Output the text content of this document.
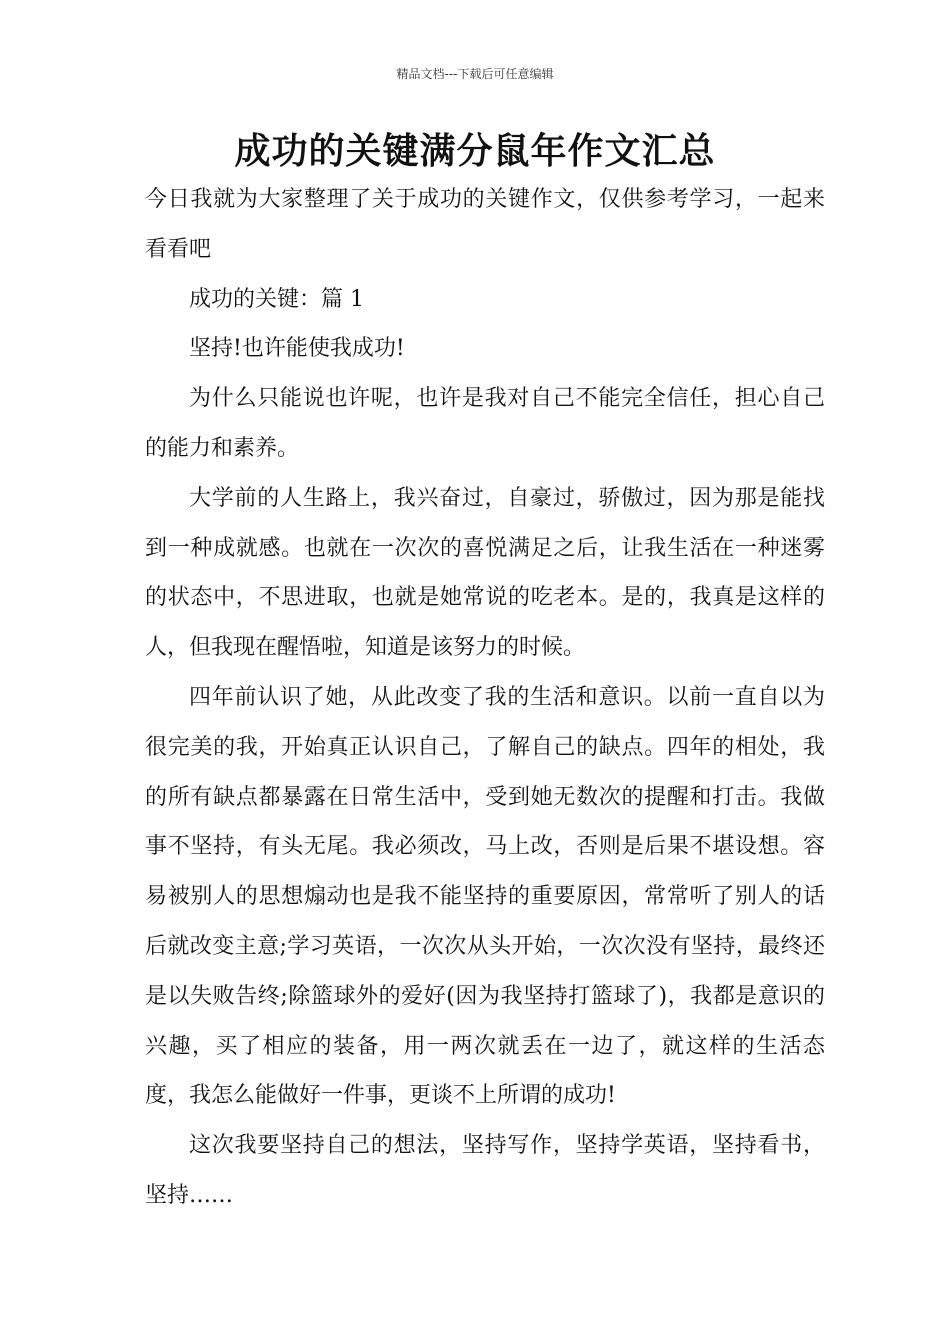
精品文档---下载后可任意编辑
成功的关键满分鼠年作文汇总

今日我就为大家整理了关于成功的关键作文，仅供参考学习，一起来看看吧

成功的关键：篇 1

坚持!也许能使我成功!

为什么只能说也许呢，也许是我对自己不能完全信任，担心自己的能力和素养。

大学前的人生路上，我兴奋过，自豪过，骄傲过，因为那是能找到一种成就感。也就在一次次的喜悦满足之后，让我生活在一种迷雾的状态中，不思进取，也就是她常说的吃老本。是的，我真是这样的人，但我现在醒悟啦，知道是该努力的时候。

四年前认识了她，从此改变了我的生活和意识。以前一直自以为很完美的我，开始真正认识自己，了解自己的缺点。四年的相处，我的所有缺点都暴露在日常生活中，受到她无数次的提醒和打击。我做事不坚持，有头无尾。我必须改，马上改，否则是后果不堪设想。容易被别人的思想煽动也是我不能坚持的重要原因，常常听了别人的话后就改变主意;学习英语，一次次从头开始，一次次没有坚持，最终还是以失败告终;除篮球外的爱好(因为我坚持打篮球了)，我都是意识的兴趣，买了相应的装备，用一两次就丢在一边了，就这样的生活态度，我怎么能做好一件事，更谈不上所谓的成功!

这次我要坚持自己的想法，坚持写作，坚持学英语，坚持看书，坚持……
